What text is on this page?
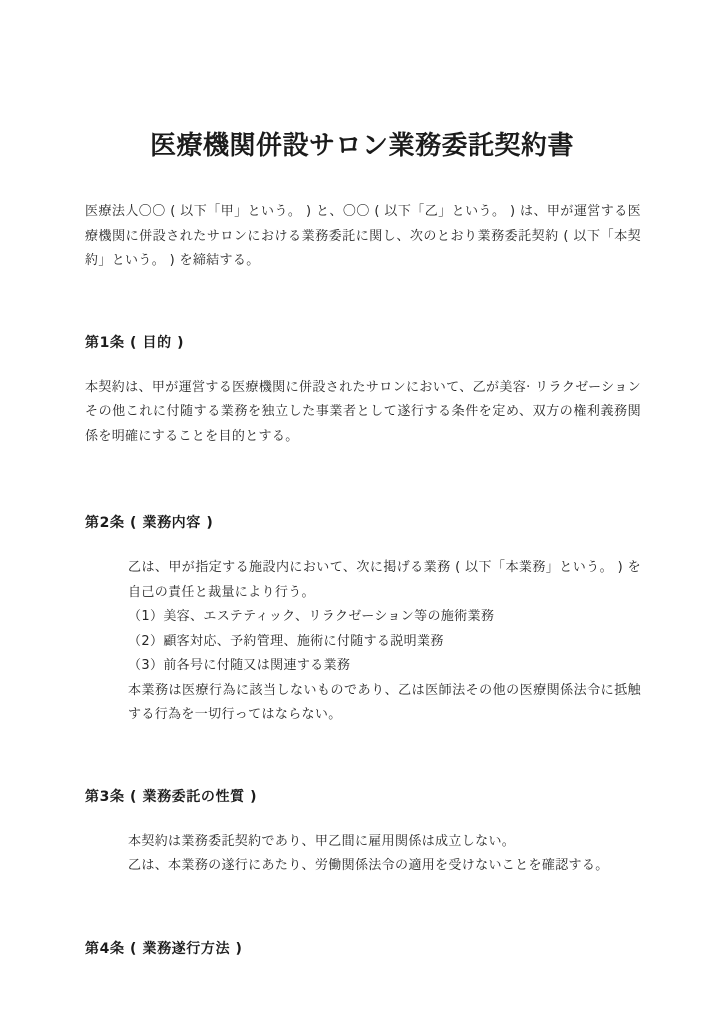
医療機関併設サロン業務委託契約書

医療法人〇〇 ( 以下「甲」という。 ) と、〇〇 ( 以下「乙」という。 ) は、甲が運営する医療機関に併設されたサロンにおける業務委託に関し、次のとおり業務委託契約 ( 以下「本契約」という。 ) を締結する。

第1条 ( 目的 )

本契約は、甲が運営する医療機関に併設されたサロンにおいて、乙が美容· リラクゼーションその他これに付随する業務を独立した事業者として遂行する条件を定め、双方の権利義務関係を明確にすることを目的とする。

第2条 ( 業務内容 )

乙は、甲が指定する施設内において、次に掲げる業務 ( 以下「本業務」という。 ) を自己の責任と裁量により行う。

（1）美容、エステティック、リラクゼーション等の施術業務

（2）顧客対応、予約管理、施術に付随する説明業務

（3）前各号に付随又は関連する業務

本業務は医療行為に該当しないものであり、乙は医師法その他の医療関係法令に抵触する行為を一切行ってはならない。

第3条 ( 業務委託の性質 )

本契約は業務委託契約であり、甲乙間に雇用関係は成立しない。

乙は、本業務の遂行にあたり、労働関係法令の適用を受けないことを確認する。

第4条 ( 業務遂行方法 )
